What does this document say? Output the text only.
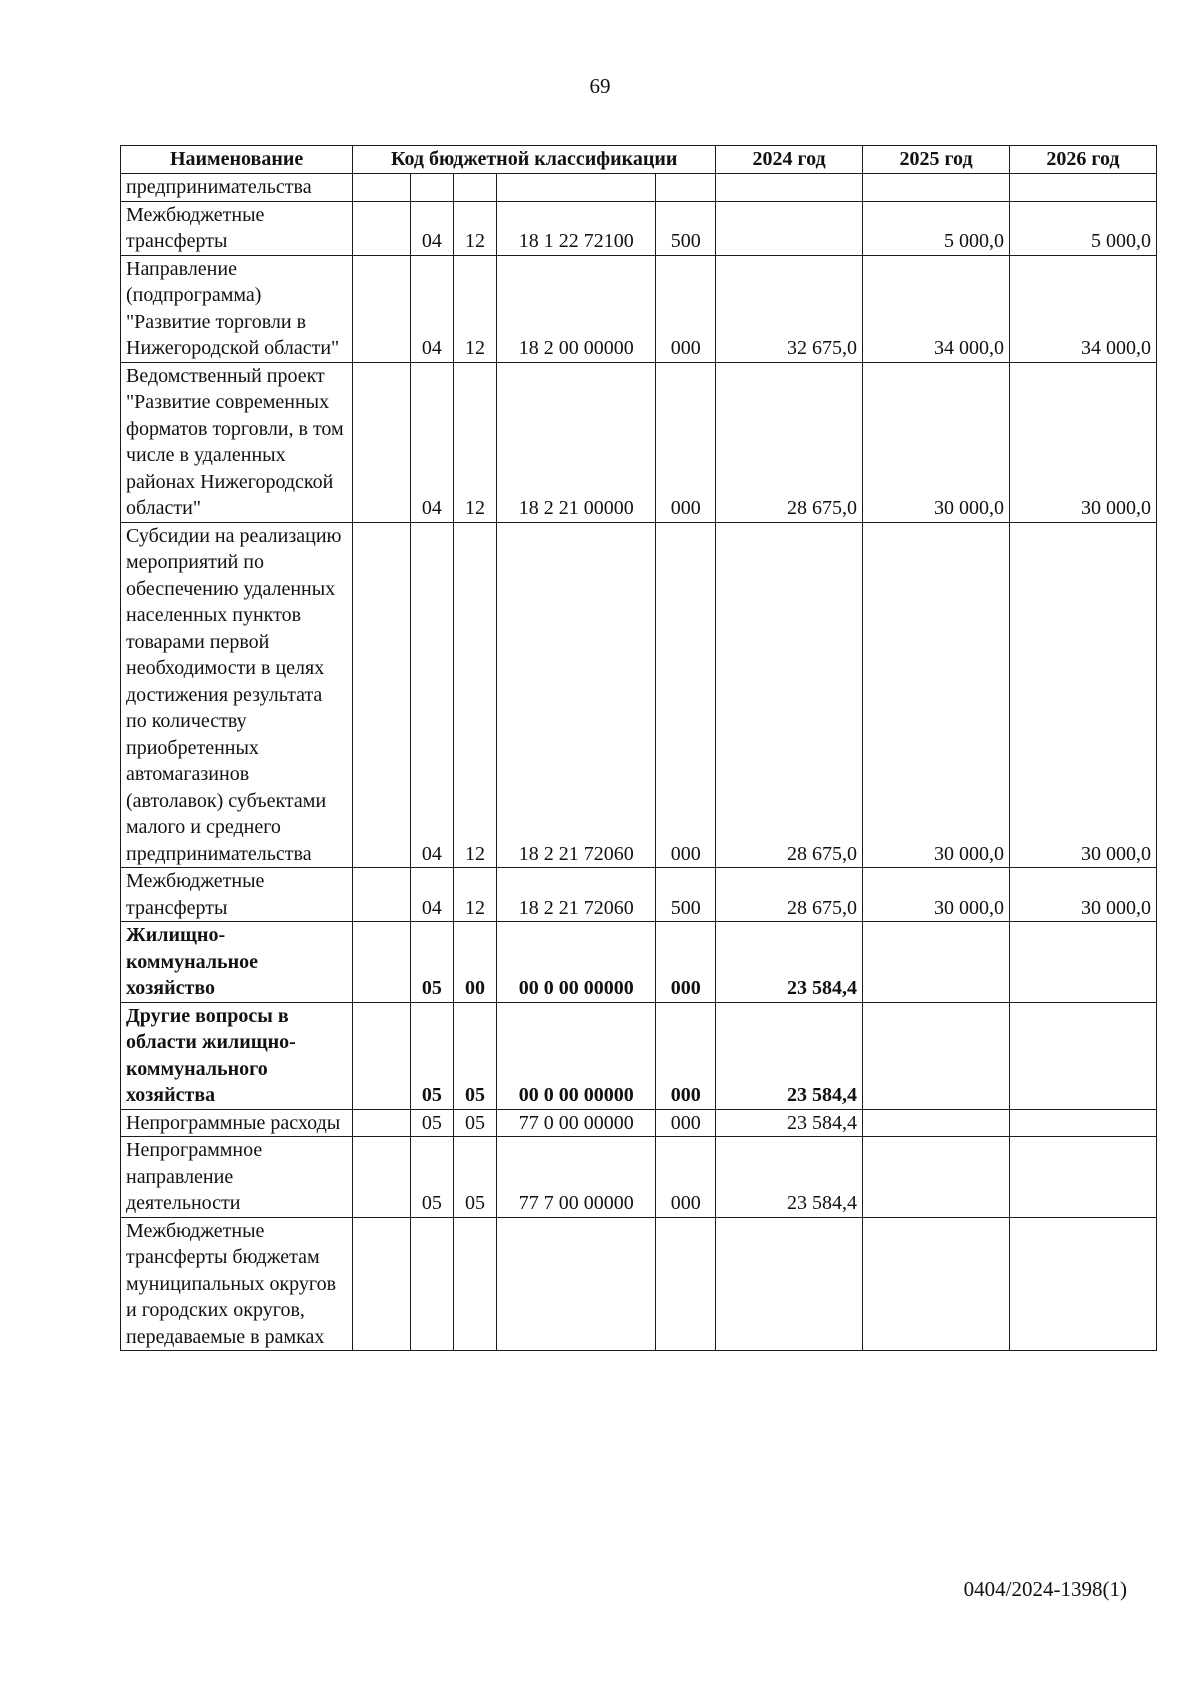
69
Наименование	Код бюджетной классификации					2024 год	2025 год	2026 год
предпринимательства								
Межбюджетные трансферты		04	12	18 1 22 72100	500		5 000,0	5 000,0
Направление (подпрограмма) "Развитие торговли в Нижегородской области"		04	12	18 2 00 00000	000	32 675,0	34 000,0	34 000,0
Ведомственный проект "Развитие современных форматов торговли, в том числе в удаленных районах Нижегородской области"		04	12	18 2 21 00000	000	28 675,0	30 000,0	30 000,0
Субсидии на реализацию мероприятий по обеспечению удаленных населенных пунктов товарами первой необходимости в целях достижения результата по количеству приобретенных автомагазинов (автолавок) субъектами малого и среднего предпринимательства		04	12	18 2 21 72060	000	28 675,0	30 000,0	30 000,0
Межбюджетные трансферты		04	12	18 2 21 72060	500	28 675,0	30 000,0	30 000,0
Жилищно-коммунальное хозяйство		05	00	00 0 00 00000	000	23 584,4		
Другие вопросы в области жилищно-коммунального хозяйства		05	05	00 0 00 00000	000	23 584,4		
Непрограммные расходы		05	05	77 0 00 00000	000	23 584,4		
Непрограммное направление деятельности		05	05	77 7 00 00000	000	23 584,4		
Межбюджетные трансферты бюджетам муниципальных округов и городских округов, передаваемые в рамках								
0404/2024-1398(1)
